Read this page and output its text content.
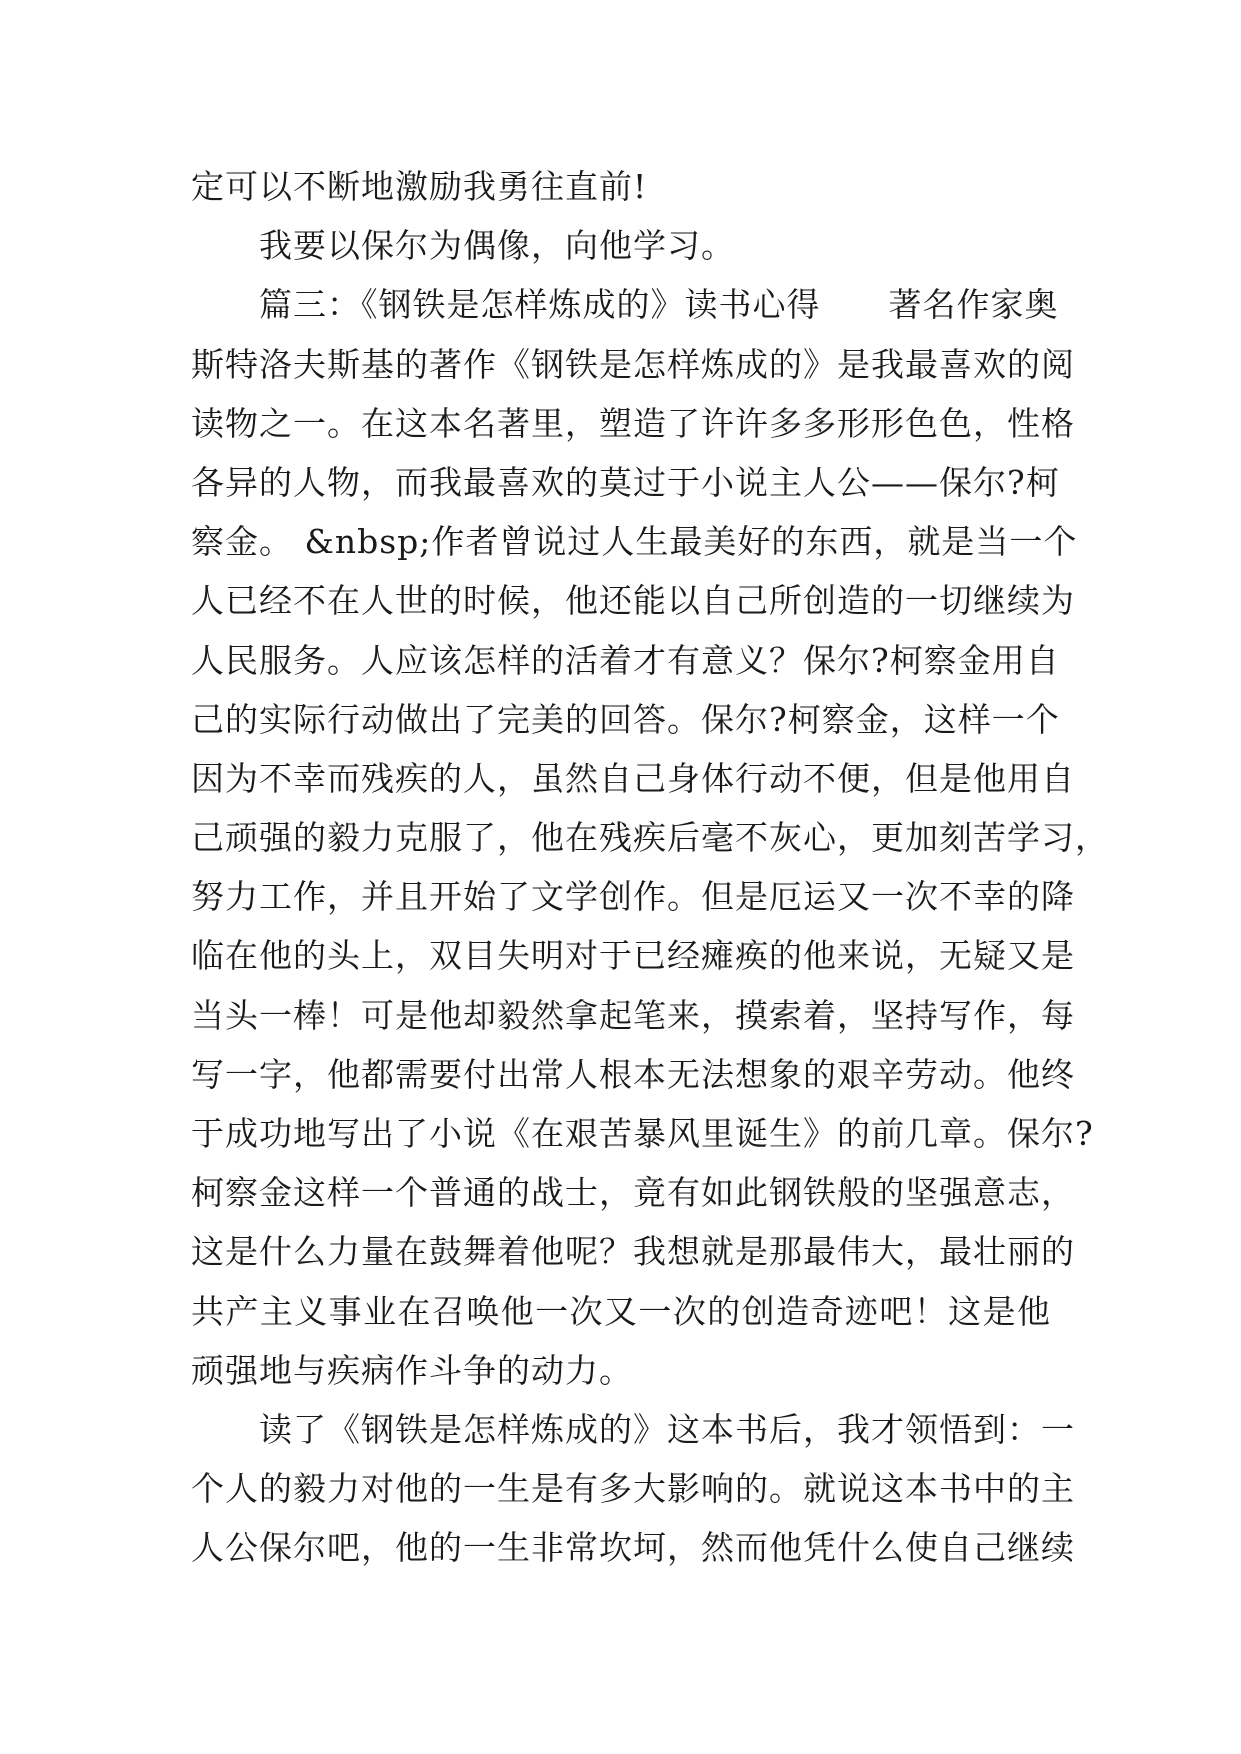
定可以不断地激励我勇往直前!
　　我要以保尔为偶像，向他学习。
　　篇三：《钢铁是怎样炼成的》读书心得　　著名作家奥
斯特洛夫斯基的著作《钢铁是怎样炼成的》是我最喜欢的阅
读物之一。在这本名著里，塑造了许许多多形形色色，性格
各异的人物，而我最喜欢的莫过于小说主人公——保尔?柯
察金。 &nbsp;作者曾说过人生最美好的东西，就是当一个
人已经不在人世的时候，他还能以自己所创造的一切继续为
人民服务。人应该怎样的活着才有意义？保尔?柯察金用自
己的实际行动做出了完美的回答。保尔?柯察金，这样一个
因为不幸而残疾的人，虽然自己身体行动不便，但是他用自
己顽强的毅力克服了，他在残疾后毫不灰心，更加刻苦学习，
努力工作，并且开始了文学创作。但是厄运又一次不幸的降
临在他的头上，双目失明对于已经瘫痪的他来说，无疑又是
当头一棒！可是他却毅然拿起笔来，摸索着，坚持写作，每
写一字，他都需要付出常人根本无法想象的艰辛劳动。他终
于成功地写出了小说《在艰苦暴风里诞生》的前几章。保尔?
柯察金这样一个普通的战士，竟有如此钢铁般的坚强意志，
这是什么力量在鼓舞着他呢？我想就是那最伟大，最壮丽的
共产主义事业在召唤他一次又一次的创造奇迹吧！这是他
顽强地与疾病作斗争的动力。
　　读了《钢铁是怎样炼成的》这本书后，我才领悟到：一
个人的毅力对他的一生是有多大影响的。就说这本书中的主
人公保尔吧，他的一生非常坎坷，然而他凭什么使自己继续
